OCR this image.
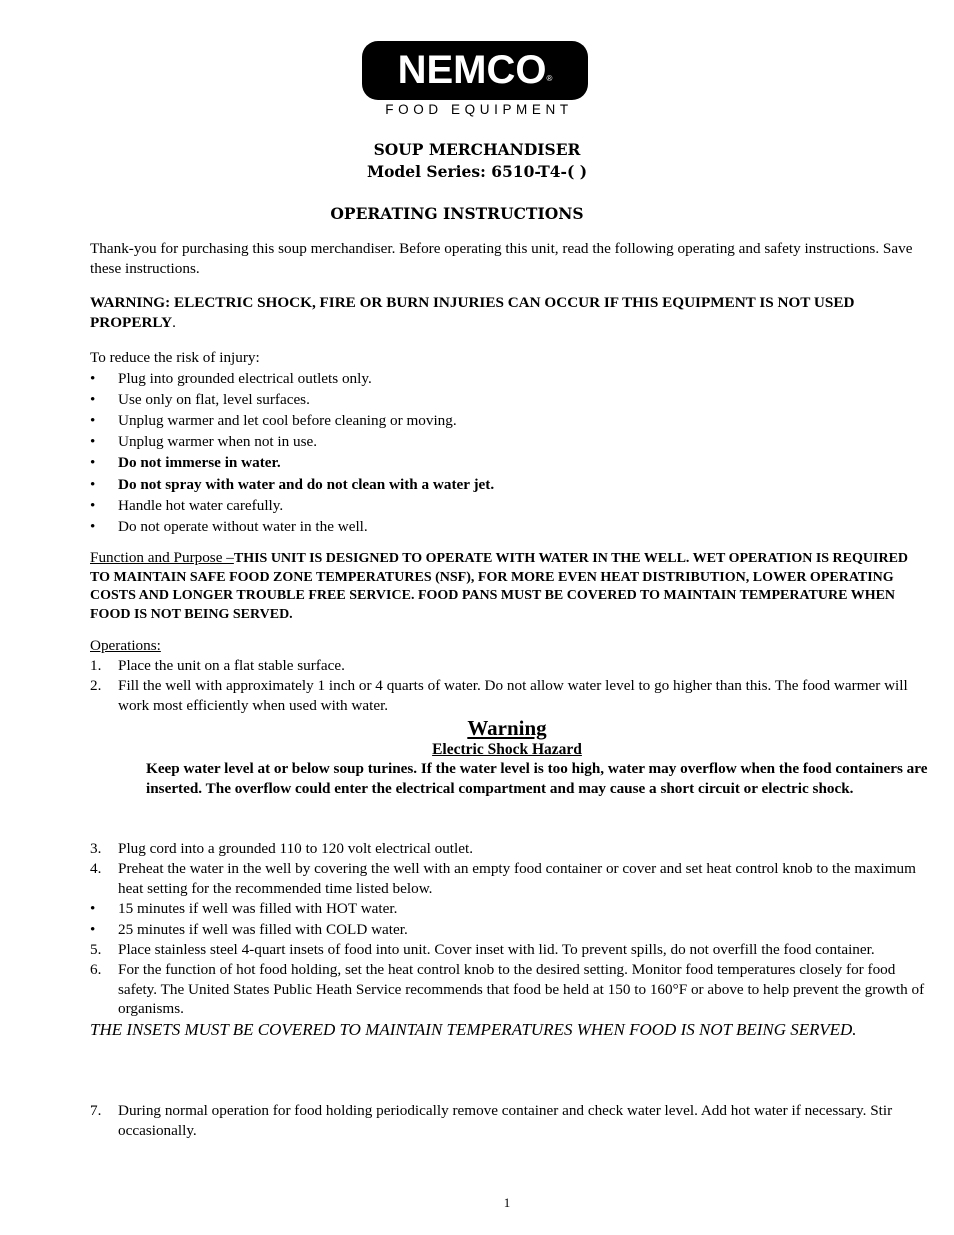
NEMCO®
FOOD EQUIPMENT
SOUP MERCHANDISER
Model Series: 6510-T4-( )
OPERATING INSTRUCTIONS

Thank-you for purchasing this soup merchandiser. Before operating this unit, read the following operating and safety instructions. Save these instructions.

WARNING: ELECTRIC SHOCK, FIRE OR BURN INJURIES CAN OCCUR IF THIS EQUIPMENT IS NOT USED PROPERLY.

To reduce the risk of injury:

• Plug into grounded electrical outlets only.
• Use only on flat, level surfaces.
• Unplug warmer and let cool before cleaning or moving.
• Unplug warmer when not in use.
• Do not immerse in water.
• Do not spray with water and do not clean with a water jet.
• Handle hot water carefully.
• Do not operate without water in the well.

Function and Purpose –THIS UNIT IS DESIGNED TO OPERATE WITH WATER IN THE WELL. WET OPERATION IS REQUIRED TO MAINTAIN SAFE FOOD ZONE TEMPERATURES (NSF), FOR MORE EVEN HEAT DISTRIBUTION, LOWER OPERATING COSTS AND LONGER TROUBLE FREE SERVICE. FOOD PANS MUST BE COVERED TO MAINTAIN TEMPERATURE WHEN FOOD IS NOT BEING SERVED.

Operations:

1. Place the unit on a flat stable surface.
2. Fill the well with approximately 1 inch or 4 quarts of water. Do not allow water level to go higher than this. The food warmer will work most efficiently when used with water.
Warning
Electric Shock Hazard
Keep water level at or below soup turines. If the water level is too high, water may overflow when the food containers are inserted. The overflow could enter the electrical compartment and may cause a short circuit or electric shock.
3. Plug cord into a grounded 110 to 120 volt electrical outlet.
4. Preheat the water in the well by covering the well with an empty food container or cover and set heat control knob to the maximum heat setting for the recommended time listed below.
• 15 minutes if well was filled with HOT water.
• 25 minutes if well was filled with COLD water.
5. Place stainless steel 4-quart insets of food into unit. Cover inset with lid. To prevent spills, do not overfill the food container.
6. For the function of hot food holding, set the heat control knob to the desired setting. Monitor food temperatures closely for food safety. The United States Public Heath Service recommends that food be held at 150 to 160°F or above to help prevent the growth of organisms.

THE INSETS MUST BE COVERED TO MAINTAIN TEMPERATURES WHEN FOOD IS NOT BEING SERVED.

7. During normal operation for food holding periodically remove container and check water level. Add hot water if necessary. Stir occasionally.
1
